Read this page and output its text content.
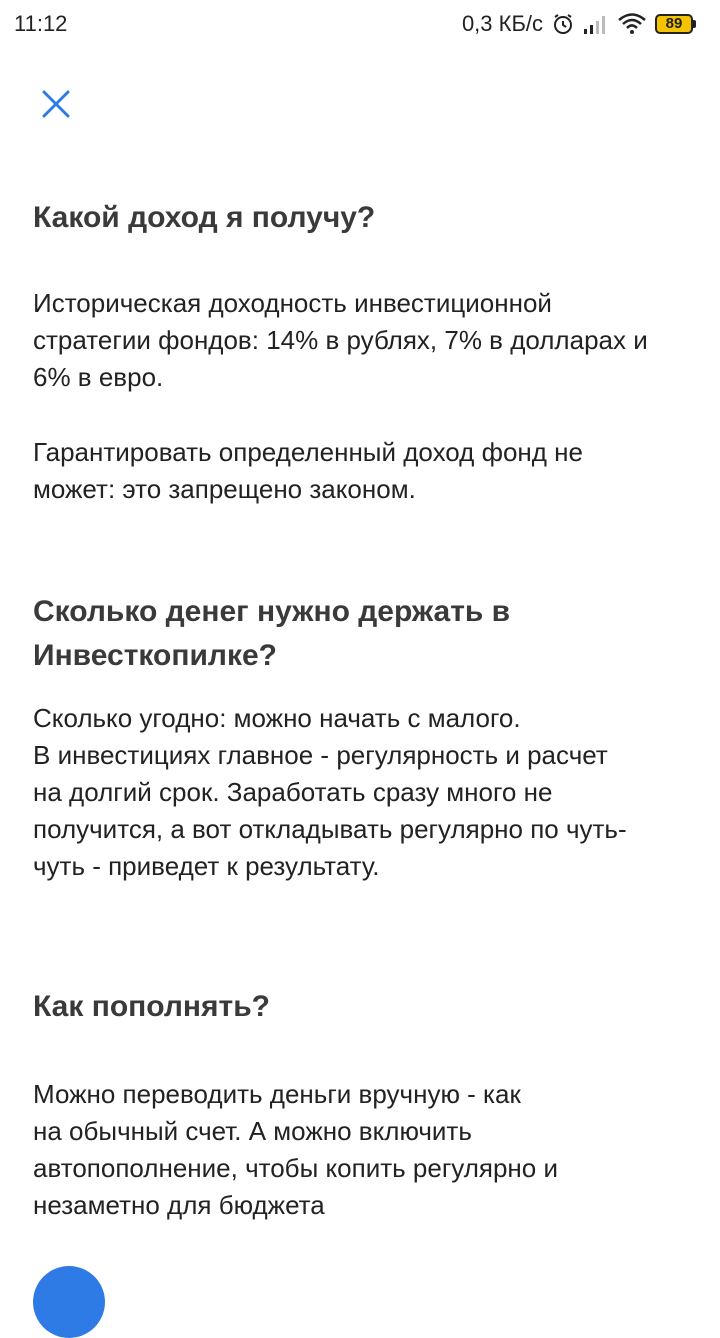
11:12	0,3 КБ/с	89
Какой доход я получу?

Историческая доходность инвестиционной
стратегии фондов: 14% в рублях, 7% в долларах и
6% в евро.

Гарантировать определенный доход фонд не
может: это запрещено законом.

Сколько денег нужно держать в
Инвесткопилке?

Сколько угодно: можно начать с малого.
В инвестициях главное - регулярность и расчет
на долгий срок. Заработать сразу много не
получится, а вот откладывать регулярно по чуть-
чуть - приведет к результату.

Как пополнять?

Можно переводить деньги вручную - как
на обычный счет. А можно включить
автопополнение, чтобы копить регулярно и
незаметно для бюджета
